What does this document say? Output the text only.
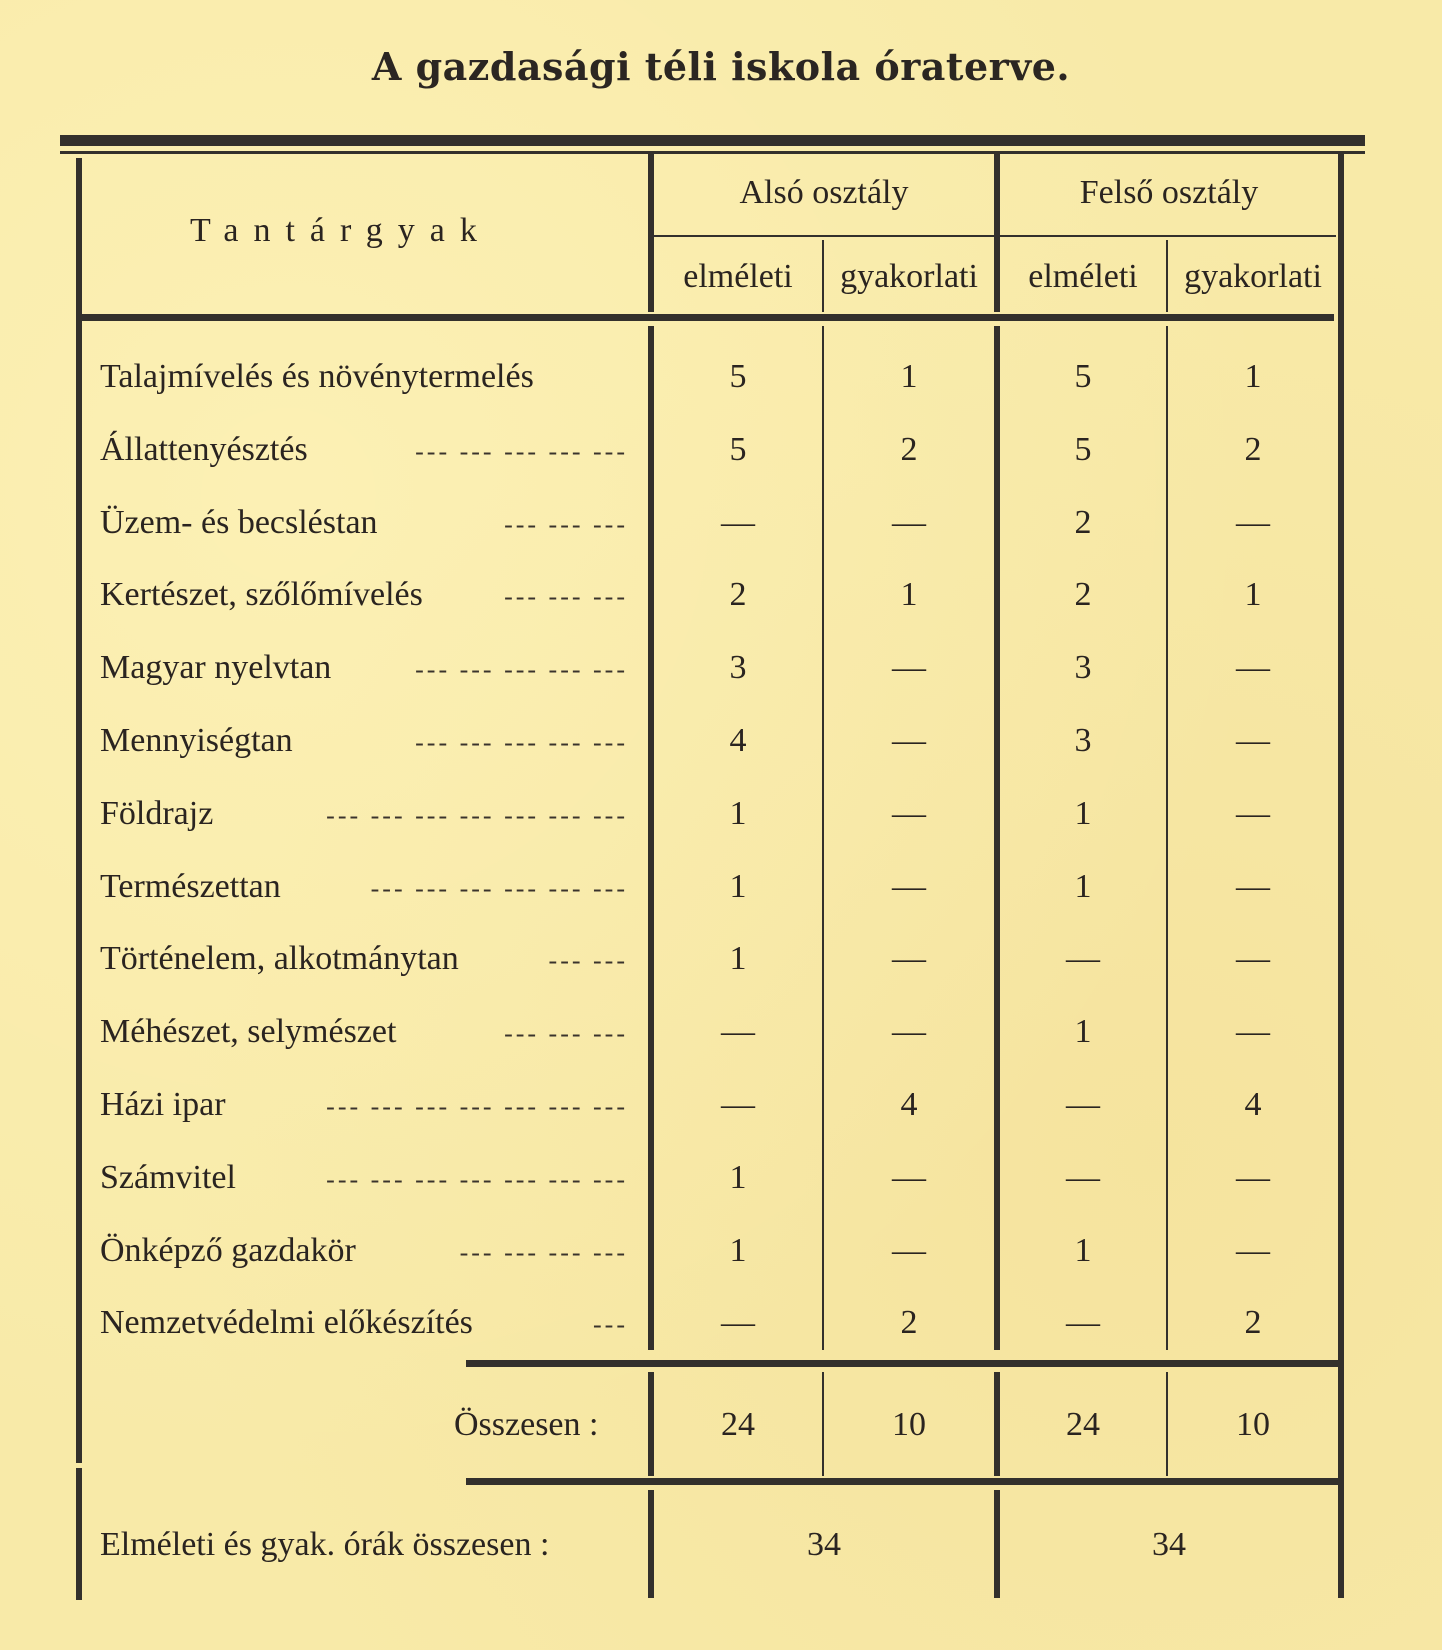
A gazdasági téli iskola óraterve.
Tantárgyak
Alsó osztály	Felső osztály
elméleti	gyakorlati	elméleti	gyakorlati
Talajmívelés és növénytermelés	5	1	5	1
Állattenyésztés	--- --- --- --- ---	5	2	5	2
Üzem- és becsléstan	--- --- ---	—	—	2	—
Kertészet, szőlőmívelés	--- --- ---	2	1	2	1
Magyar nyelvtan	--- --- --- --- ---	3	—	3	—
Mennyiségtan	--- --- --- --- ---	4	—	3	—
Földrajz	--- --- --- --- --- --- ---	1	—	1	—
Természettan	--- --- --- --- --- ---	1	—	1	—
Történelem, alkotmánytan	--- ---	1	—	—	—
Méhészet, selymészet	--- --- ---	—	—	1	—
Házi ipar	--- --- --- --- --- --- ---	—	4	—	4
Számvitel	--- --- --- --- --- --- ---	1	—	—	—
Önképző gazdakör	--- --- --- ---	1	—	1	—
Nemzetvédelmi előkészítés	---	—	2	—	2
Összesen :	24	10	24	10
Elméleti és gyak. órák összesen :	34	34
